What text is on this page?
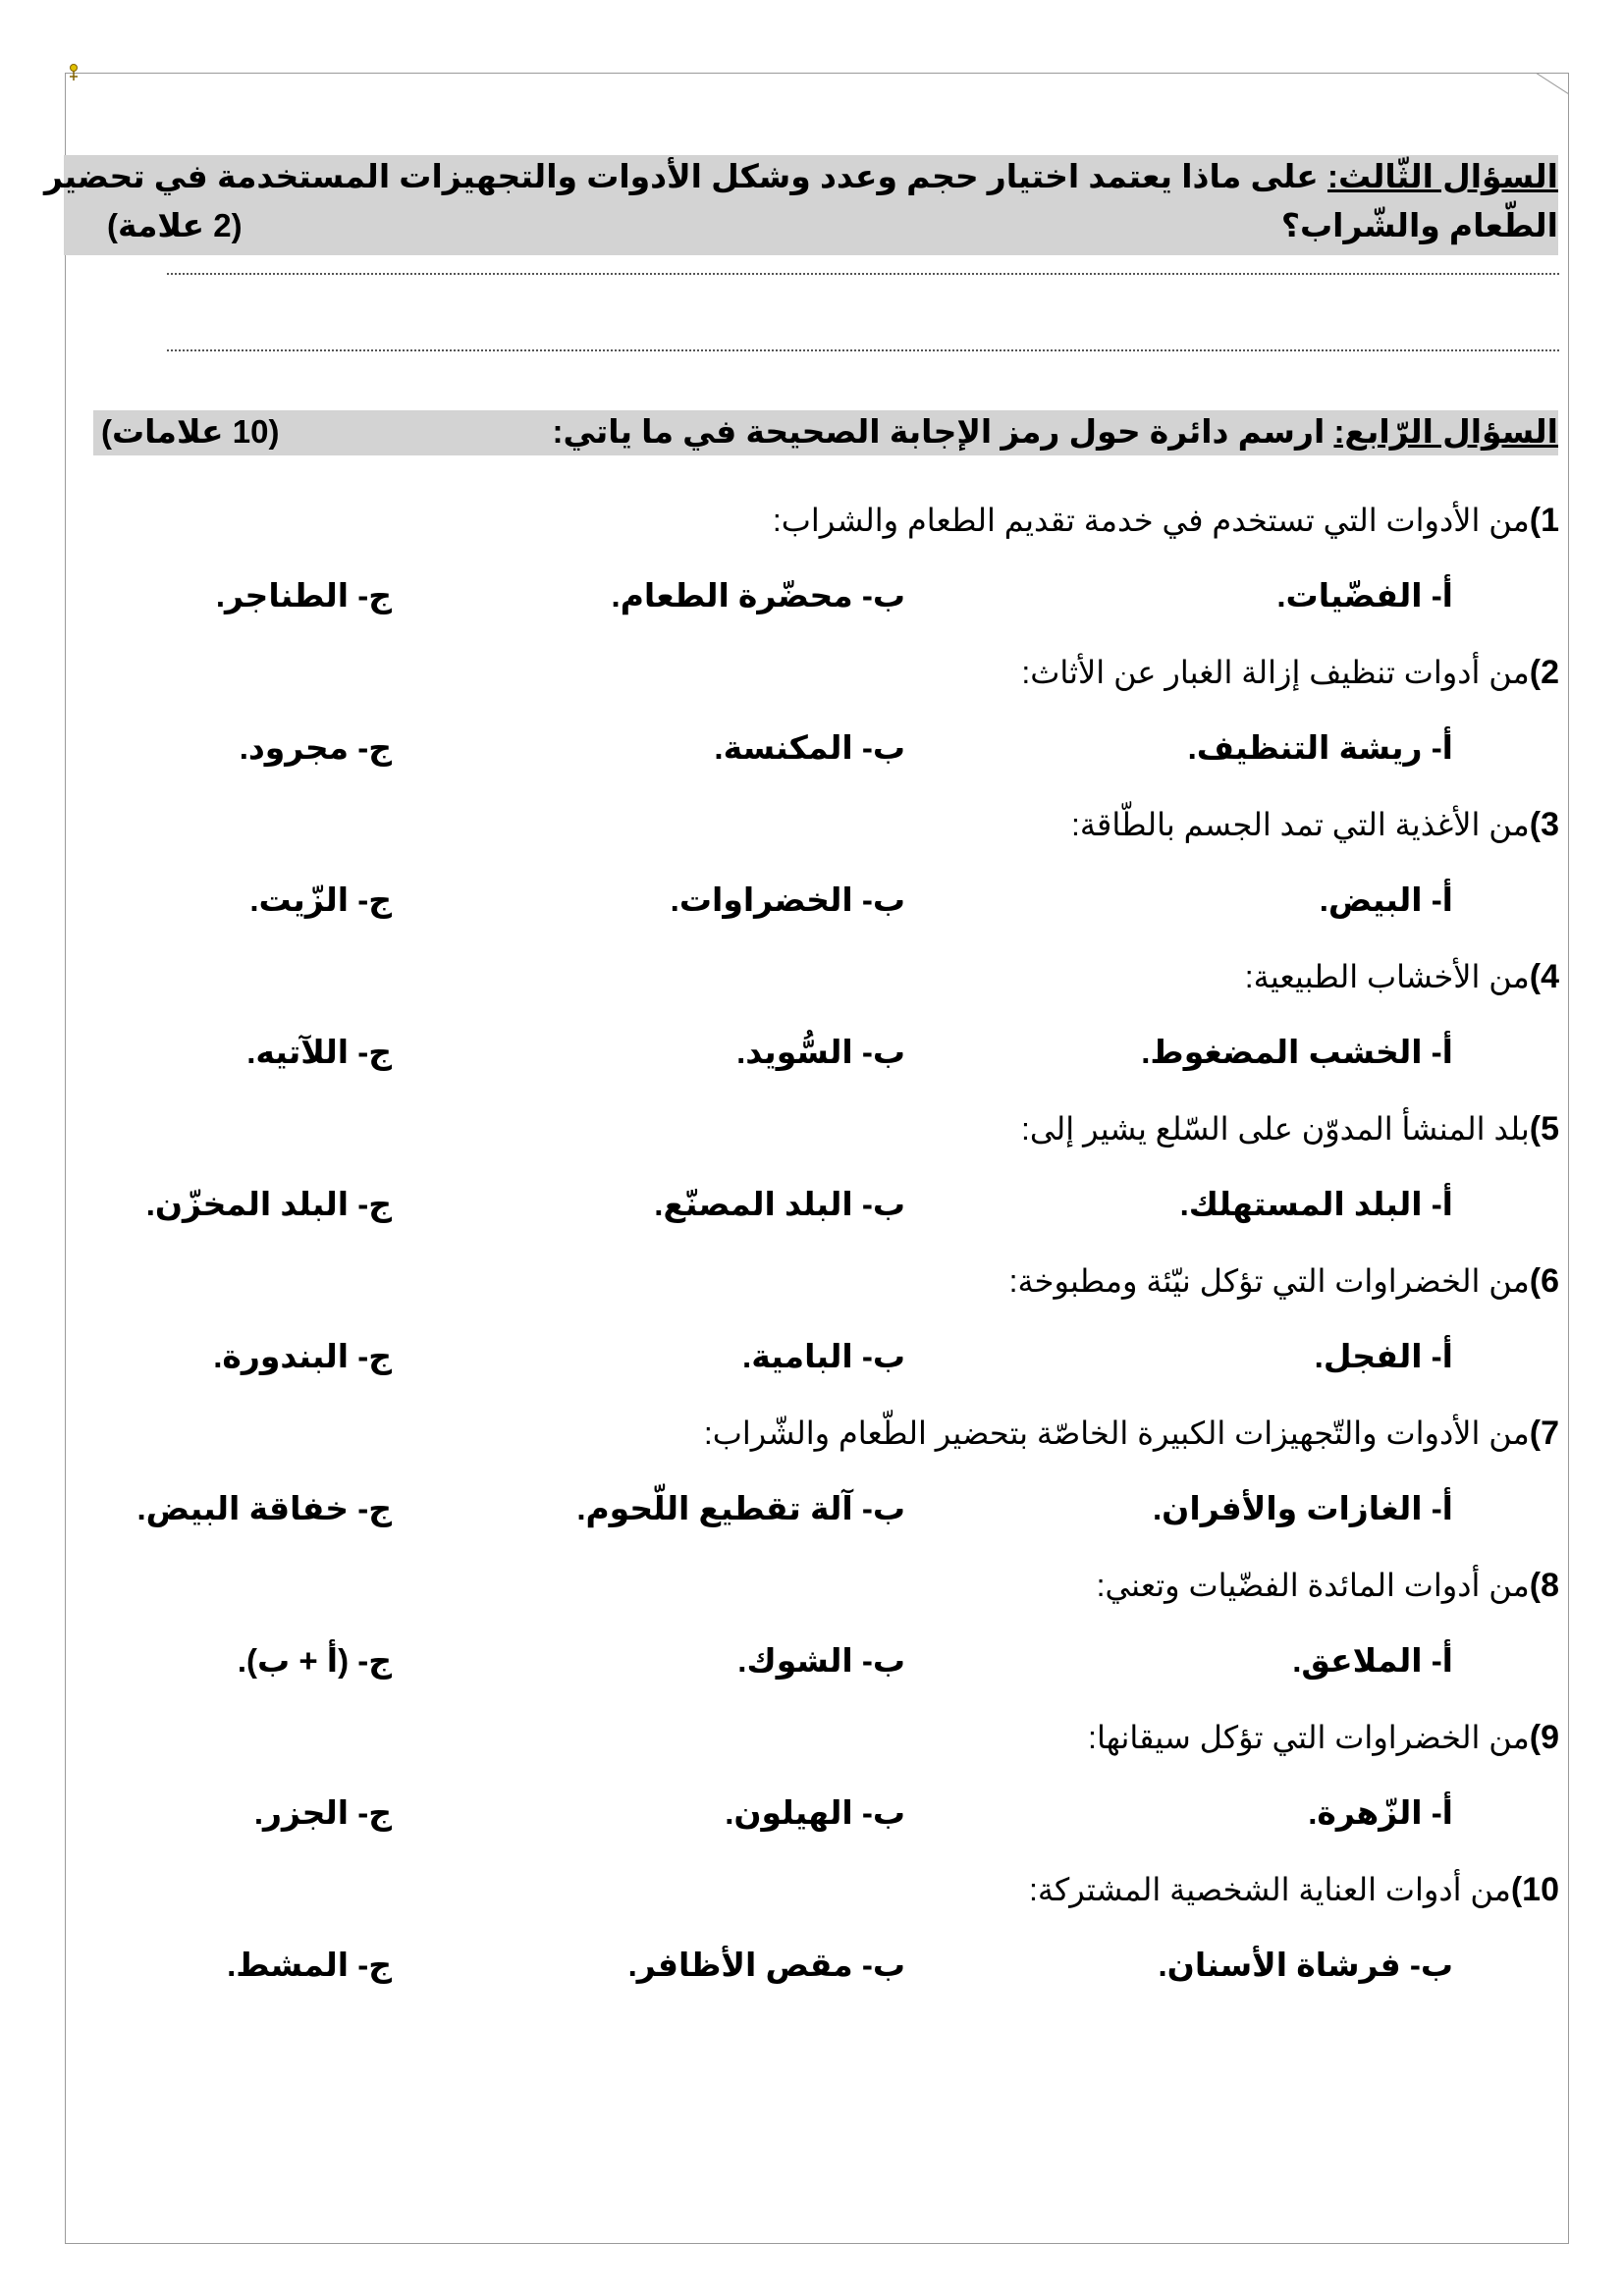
السؤال الثّالث: على ماذا يعتمد اختيار حجم وعدد وشكل الأدوات والتجهيزات المستخدمة في تحضير
الطّعام والشّراب؟
(2 علامة)
السؤال الرّابع: ارسم دائرة حول رمز الإجابة الصحيحة في ما ياتي:
(10 علامات)
1)من الأدوات التي تستخدم في خدمة تقديم الطعام والشراب:
أ- الفضّيات.
ب- محضّرة الطعام.
ج- الطناجر.
2)من أدوات تنظيف إزالة الغبار عن الأثاث:
أ- ريشة التنظيف.
ب- المكنسة.
ج- مجرود.
3)من الأغذية التي تمد الجسم بالطّاقة:
أ- البيض.
ب- الخضراوات.
ج- الزّيت.
4)من الأخشاب الطبيعية:
أ- الخشب المضغوط.
ب- السُّويد.
ج- اللآتيه.
5)بلد المنشأ المدوّن على السّلع يشير إلى:
أ- البلد المستهلك.
ب- البلد المصنّع.
ج- البلد المخزّن.
6)من الخضراوات التي تؤكل نيّئة ومطبوخة:
أ- الفجل.
ب- البامية.
ج- البندورة.
7)من الأدوات والتّجهيزات الكبيرة الخاصّة بتحضير الطّعام والشّراب:
أ- الغازات والأفران.
ب- آلة تقطيع اللّحوم.
ج- خفاقة البيض.
8)من أدوات المائدة الفضّيات وتعني:
أ- الملاعق.
ب- الشوك.
ج- (أ + ب).
9)من الخضراوات التي تؤكل سيقانها:
أ- الزّهرة.
ب- الهيلون.
ج- الجزر.
10)من أدوات العناية الشخصية المشتركة:
ب- فرشاة الأسنان.
ب- مقص الأظافر.
ج- المشط.
